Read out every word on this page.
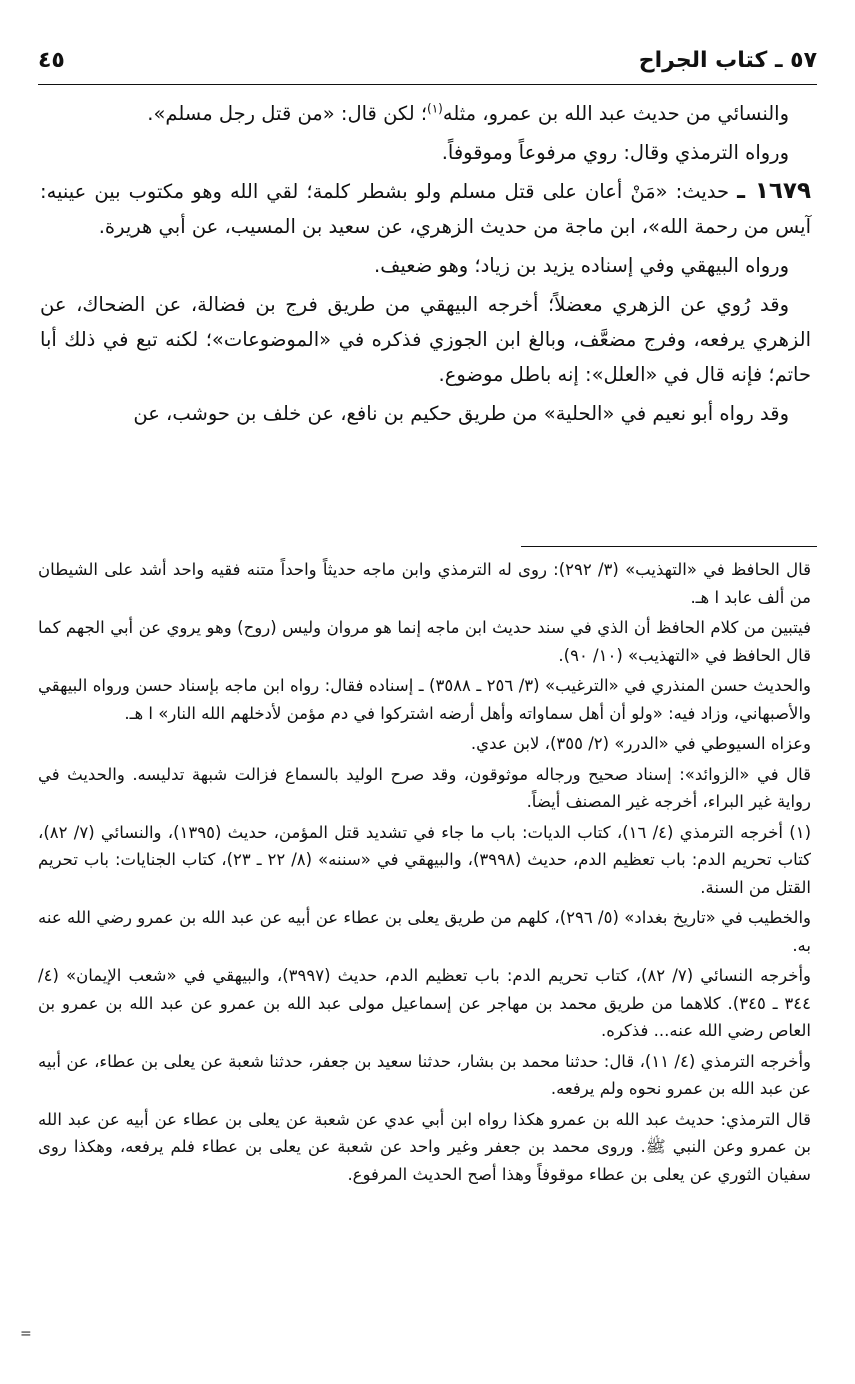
٥٧ ـ كتاب الجراح
٤٥

والنسائي من حديث عبد الله بن عمرو، مثله$^{(١)}$؛ لكن قال: «من قتل رجل مسلم».

ورواه الترمذي وقال: روي مرفوعاً وموقوفاً.

١٦٧٩ ـ حديث: «مَنْ أعان على قتل مسلم ولو بشطر كلمة؛ لقي الله وهو مكتوب بين عينيه: آيس من رحمة الله»، ابن ماجة من حديث الزهري، عن سعيد بن المسيب، عن أبي هريرة.

ورواه البيهقي وفي إسناده يزيد بن زياد؛ وهو ضعيف.

وقد رُوي عن الزهري معضلاً؛ أخرجه البيهقي من طريق فرج بن فضالة، عن الضحاك، عن الزهري يرفعه، وفرج مضعَّف، وبالغ ابن الجوزي فذكره في «الموضوعات»؛ لكنه تبع في ذلك أبا حاتم؛ فإنه قال في «العلل»: إنه باطل موضوع.

وقد رواه أبو نعيم في «الحلية» من طريق حكيم بن نافع، عن خلف بن حوشب، عن

قال الحافظ في «التهذيب» (٣/ ٢٩٢): روى له الترمذي وابن ماجه حديثاً واحداً متنه فقيه واحد أشد على الشيطان من ألف عابد ا هـ.

فيتبين من كلام الحافظ أن الذي في سند حديث ابن ماجه إنما هو مروان وليس (روح) وهو يروي عن أبي الجهم كما قال الحافظ في «التهذيب» (١٠/ ٩٠).

والحديث حسن المنذري في «الترغيب» (٣/ ٢٥٦ ـ ٣٥٨٨) ـ إسناده فقال: رواه ابن ماجه بإسناد حسن ورواه البيهقي والأصبهاني، وزاد فيه: «ولو أن أهل سماواته وأهل أرضه اشتركوا في دم مؤمن لأدخلهم الله النار» ا هـ.

وعزاه السيوطي في «الدرر» (٢/ ٣٥٥)، لابن عدي.

قال في «الزوائد»: إسناد صحيح ورجاله موثوقون، وقد صرح الوليد بالسماع فزالت شبهة تدليسه. والحديث في رواية غير البراء، أخرجه غير المصنف أيضاً.

(١) أخرجه الترمذي (٤/ ١٦)، كتاب الديات: باب ما جاء في تشديد قتل المؤمن، حديث (١٣٩٥)، والنسائي (٧/ ٨٢)، كتاب تحريم الدم: باب تعظيم الدم، حديث (٣٩٩٨)، والبيهقي في «سننه» (٨/ ٢٢ ـ ٢٣)، كتاب الجنايات: باب تحريم القتل من السنة.

والخطيب في «تاريخ بغداد» (٥/ ٢٩٦)، كلهم من طريق يعلى بن عطاء عن أبيه عن عبد الله بن عمرو رضي الله عنه به.

وأخرجه النسائي (٧/ ٨٢)، كتاب تحريم الدم: باب تعظيم الدم، حديث (٣٩٩٧)، والبيهقي في «شعب الإيمان» (٤/ ٣٤٤ ـ ٣٤٥). كلاهما من طريق محمد بن مهاجر عن إسماعيل مولى عبد الله بن عمرو عن عبد الله بن عمرو بن العاص رضي الله عنه... فذكره.

وأخرجه الترمذي (٤/ ١١)، قال: حدثنا محمد بن بشار، حدثنا سعيد بن جعفر، حدثنا شعبة عن يعلى بن عطاء، عن أبيه عن عبد الله بن عمرو نحوه ولم يرفعه.

قال الترمذي: حديث عبد الله بن عمرو هكذا رواه ابن أبي عدي عن شعبة عن يعلى بن عطاء عن أبيه عن عبد الله بن عمرو وعن النبي ﷺ. وروى محمد بن جعفر وغير واحد عن شعبة عن يعلى بن عطاء فلم يرفعه، وهكذا روى سفيان الثوري عن يعلى بن عطاء موقوفاً وهذا أصح الحديث المرفوع.

=
